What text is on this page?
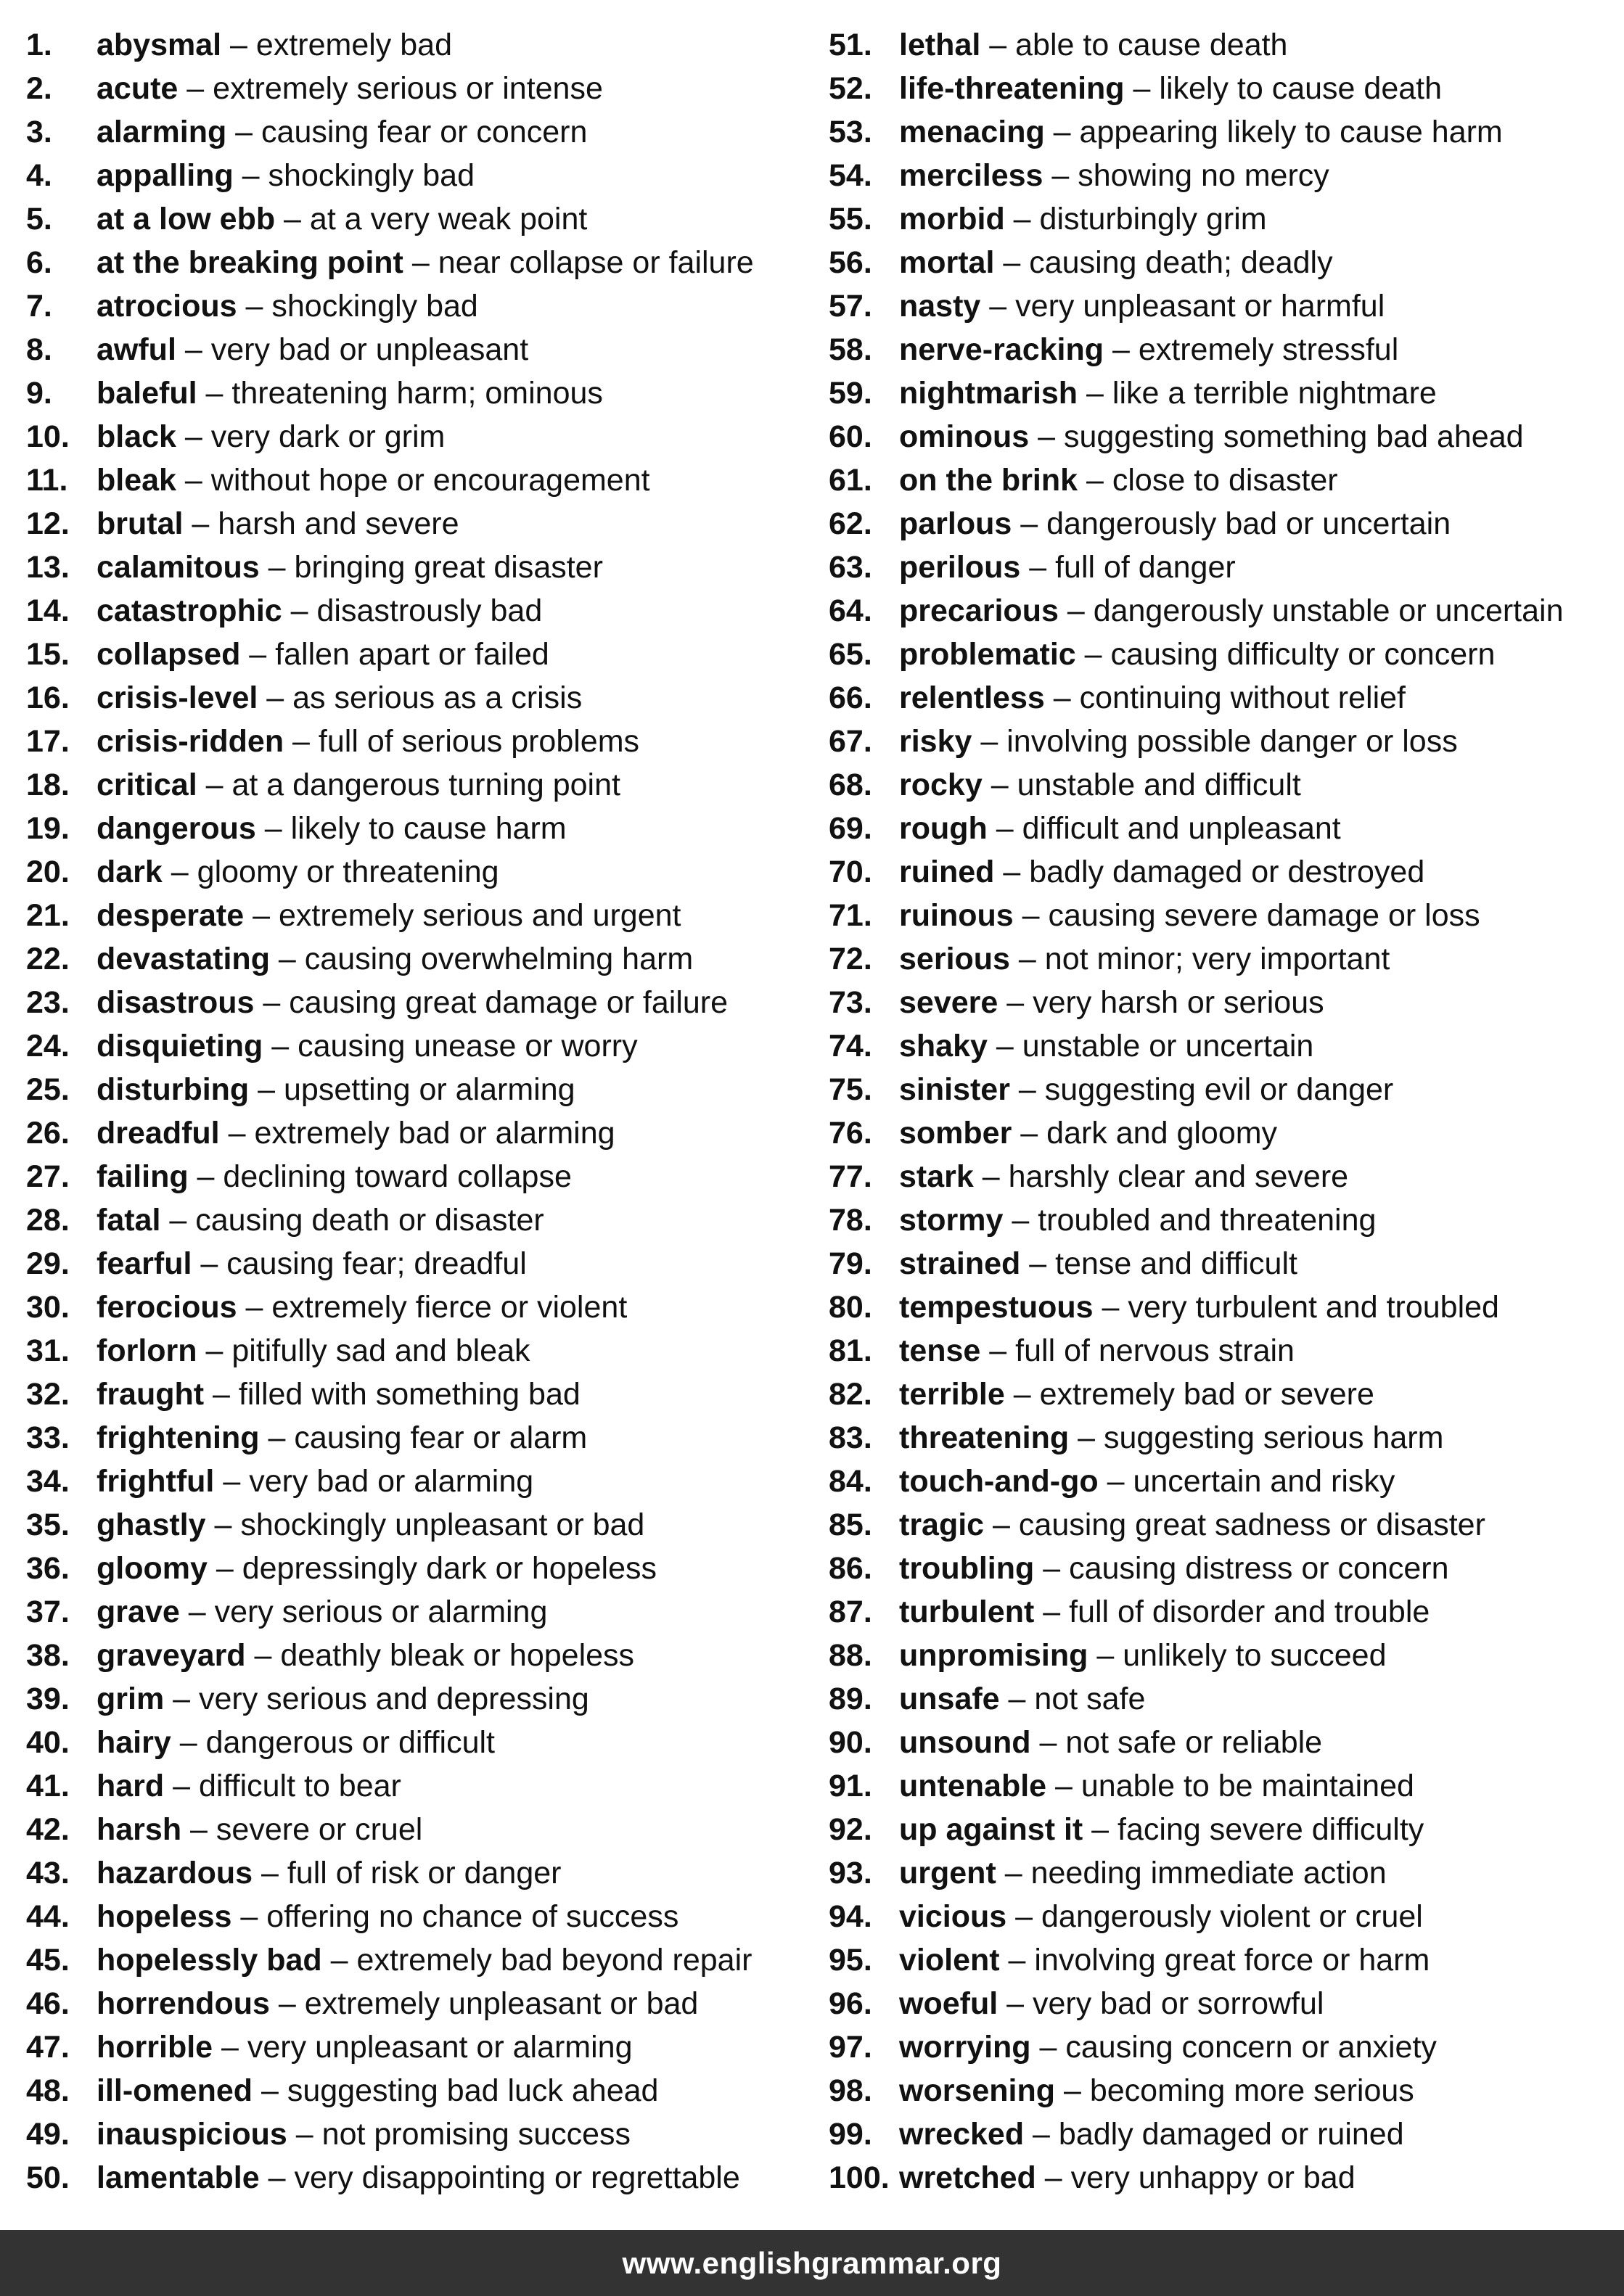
1.	abysmal – extremely bad
2.	acute – extremely serious or intense
3.	alarming – causing fear or concern
4.	appalling – shockingly bad
5.	at a low ebb – at a very weak point
6.	at the breaking point – near collapse or failure
7.	atrocious – shockingly bad
8.	awful – very bad or unpleasant
9.	baleful – threatening harm; ominous
10. black – very dark or grim
11. bleak – without hope or encouragement
12. brutal – harsh and severe
13. calamitous – bringing great disaster
14. catastrophic – disastrously bad
15. collapsed – fallen apart or failed
16. crisis-level – as serious as a crisis
17. crisis-ridden – full of serious problems
18. critical – at a dangerous turning point
19. dangerous – likely to cause harm
20. dark – gloomy or threatening
21. desperate – extremely serious and urgent
22. devastating – causing overwhelming harm
23. disastrous – causing great damage or failure
24. disquieting – causing unease or worry
25. disturbing – upsetting or alarming
26. dreadful – extremely bad or alarming
27. failing – declining toward collapse
28. fatal – causing death or disaster
29. fearful – causing fear; dreadful
30. ferocious – extremely fierce or violent
31. forlorn – pitifully sad and bleak
32. fraught – filled with something bad
33. frightening – causing fear or alarm
34. frightful – very bad or alarming
35. ghastly – shockingly unpleasant or bad
36. gloomy – depressingly dark or hopeless
37. grave – very serious or alarming
38. graveyard – deathly bleak or hopeless
39. grim – very serious and depressing
40. hairy – dangerous or difficult
41. hard – difficult to bear
42. harsh – severe or cruel
43. hazardous – full of risk or danger
44. hopeless – offering no chance of success
45. hopelessly bad – extremely bad beyond repair
46. horrendous – extremely unpleasant or bad
47. horrible – very unpleasant or alarming
48. ill-omened – suggesting bad luck ahead
49. inauspicious – not promising success
50. lamentable – very disappointing or regrettable
51. lethal – able to cause death
52. life-threatening – likely to cause death
53. menacing – appearing likely to cause harm
54. merciless – showing no mercy
55. morbid – disturbingly grim
56. mortal – causing death; deadly
57. nasty – very unpleasant or harmful
58. nerve-racking – extremely stressful
59. nightmarish – like a terrible nightmare
60. ominous – suggesting something bad ahead
61. on the brink – close to disaster
62. parlous – dangerously bad or uncertain
63. perilous – full of danger
64. precarious – dangerously unstable or uncertain
65. problematic – causing difficulty or concern
66. relentless – continuing without relief
67. risky – involving possible danger or loss
68. rocky – unstable and difficult
69. rough – difficult and unpleasant
70. ruined – badly damaged or destroyed
71. ruinous – causing severe damage or loss
72. serious – not minor; very important
73. severe – very harsh or serious
74. shaky – unstable or uncertain
75. sinister – suggesting evil or danger
76. somber – dark and gloomy
77. stark – harshly clear and severe
78. stormy – troubled and threatening
79. strained – tense and difficult
80. tempestuous – very turbulent and troubled
81. tense – full of nervous strain
82. terrible – extremely bad or severe
83. threatening – suggesting serious harm
84. touch-and-go – uncertain and risky
85. tragic – causing great sadness or disaster
86. troubling – causing distress or concern
87. turbulent – full of disorder and trouble
88. unpromising – unlikely to succeed
89. unsafe – not safe
90. unsound – not safe or reliable
91. untenable – unable to be maintained
92. up against it – facing severe difficulty
93. urgent – needing immediate action
94. vicious – dangerously violent or cruel
95. violent – involving great force or harm
96. woeful – very bad or sorrowful
97. worrying – causing concern or anxiety
98. worsening – becoming more serious
99. wrecked – badly damaged or ruined
100. wretched – very unhappy or bad
www.englishgrammar.org
